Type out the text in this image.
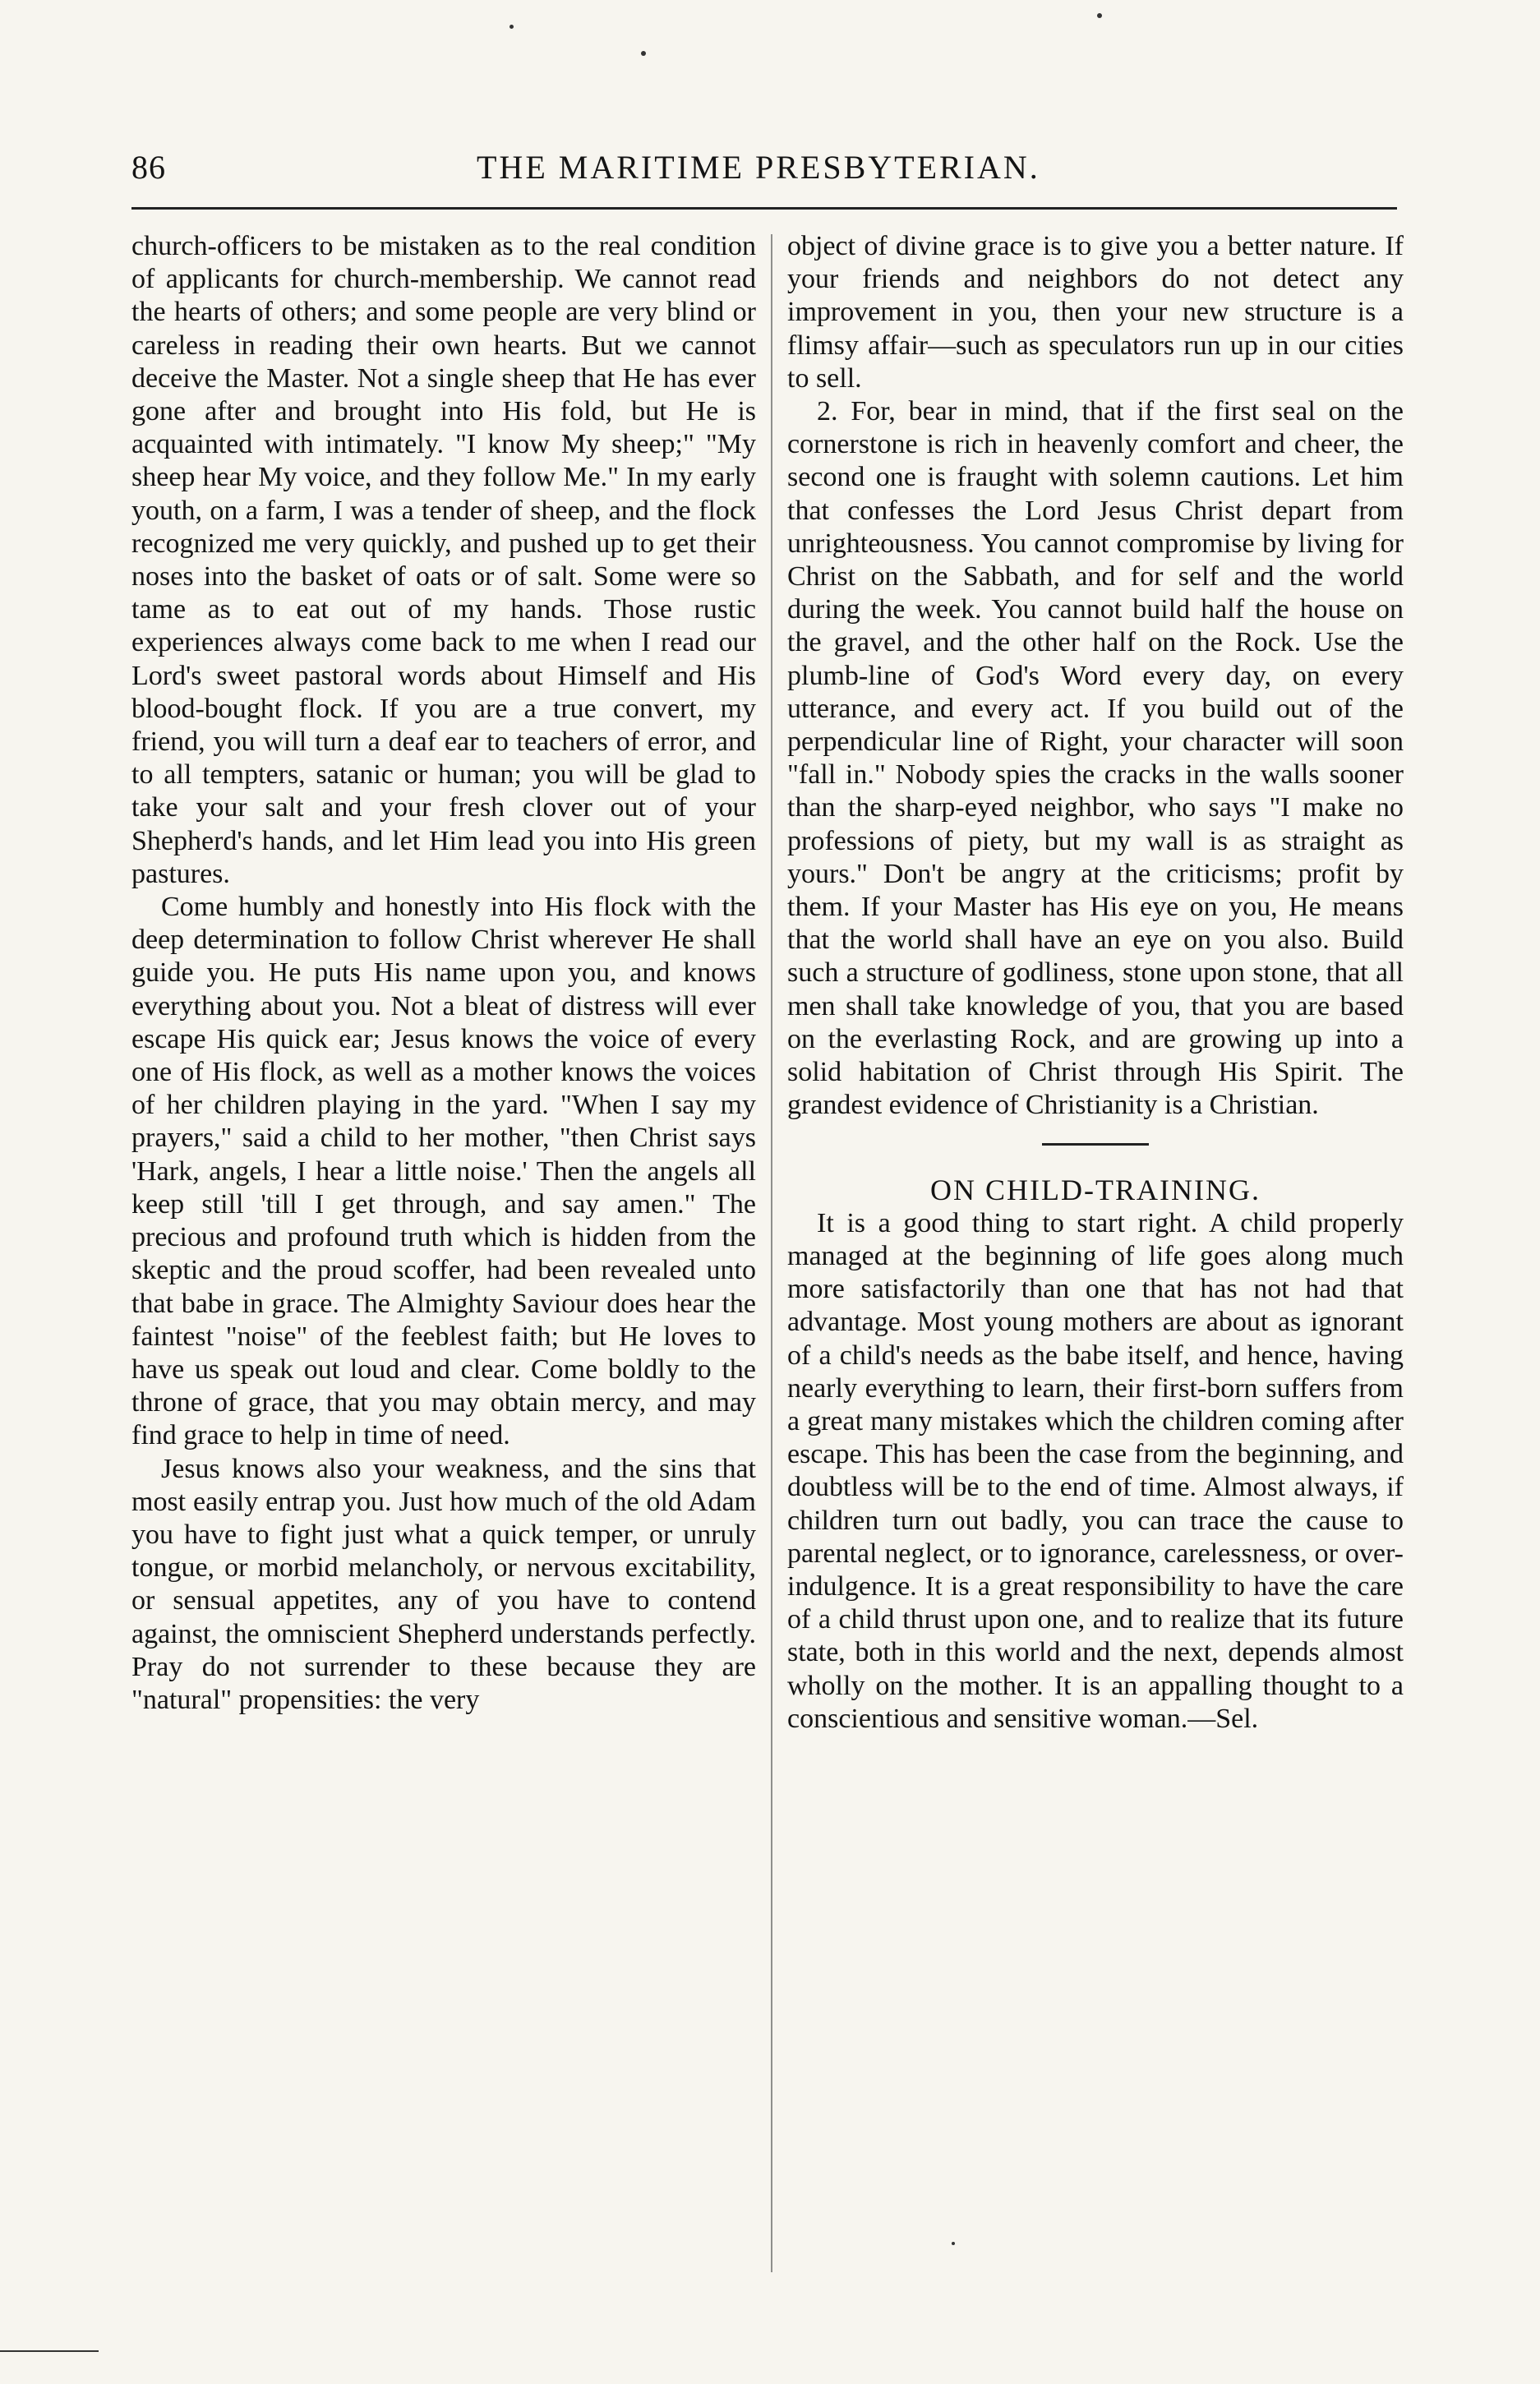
86	THE MARITIME PRESBYTERIAN.

church-officers to be mistaken as to the real condition of applicants for church-membership. We cannot read the hearts of others; and some people are very blind or careless in reading their own hearts. But we cannot deceive the Master. Not a single sheep that He has ever gone after and brought into His fold, but He is acquainted with intimately. "I know My sheep;" "My sheep hear My voice, and they follow Me." In my early youth, on a farm, I was a tender of sheep, and the flock recognized me very quickly, and pushed up to get their noses into the basket of oats or of salt. Some were so tame as to eat out of my hands. Those rustic experiences always come back to me when I read our Lord's sweet pastoral words about Himself and His blood-bought flock. If you are a true convert, my friend, you will turn a deaf ear to teachers of error, and to all tempters, satanic or human; you will be glad to take your salt and your fresh clover out of your Shepherd's hands, and let Him lead you into His green pastures.

Come humbly and honestly into His flock with the deep determination to follow Christ wherever He shall guide you. He puts His name upon you, and knows everything about you. Not a bleat of distress will ever escape His quick ear; Jesus knows the voice of every one of His flock, as well as a mother knows the voices of her children playing in the yard. "When I say my prayers," said a child to her mother, "then Christ says 'Hark, angels, I hear a little noise.' Then the angels all keep still 'till I get through, and say amen." The precious and profound truth which is hidden from the skeptic and the proud scoffer, had been revealed unto that babe in grace. The Almighty Saviour does hear the faintest "noise" of the feeblest faith; but He loves to have us speak out loud and clear. Come boldly to the throne of grace, that you may obtain mercy, and may find grace to help in time of need.

Jesus knows also your weakness, and the sins that most easily entrap you. Just how much of the old Adam you have to fight just what a quick temper, or unruly tongue, or morbid melancholy, or nervous excitability, or sensual appetites, any of you have to contend against, the omniscient Shepherd understands perfectly. Pray do not surrender to these because they are "natural" propensities: the very

object of divine grace is to give you a better nature. If your friends and neighbors do not detect any improvement in you, then your new structure is a flimsy affair—such as speculators run up in our cities to sell.

2. For, bear in mind, that if the first seal on the cornerstone is rich in heavenly comfort and cheer, the second one is fraught with solemn cautions. Let him that confesses the Lord Jesus Christ depart from unrighteousness. You cannot compromise by living for Christ on the Sabbath, and for self and the world during the week. You cannot build half the house on the gravel, and the other half on the Rock. Use the plumb-line of God's Word every day, on every utterance, and every act. If you build out of the perpendicular line of Right, your character will soon "fall in." Nobody spies the cracks in the walls sooner than the sharp-eyed neighbor, who says "I make no professions of piety, but my wall is as straight as yours." Don't be angry at the criticisms; profit by them. If your Master has His eye on you, He means that the world shall have an eye on you also. Build such a structure of godliness, stone upon stone, that all men shall take knowledge of you, that you are based on the everlasting Rock, and are growing up into a solid habitation of Christ through His Spirit. The grandest evidence of Christianity is a Christian.

ON CHILD-TRAINING.

It is a good thing to start right. A child properly managed at the beginning of life goes along much more satisfactorily than one that has not had that advantage. Most young mothers are about as ignorant of a child's needs as the babe itself, and hence, having nearly everything to learn, their first-born suffers from a great many mistakes which the children coming after escape. This has been the case from the beginning, and doubtless will be to the end of time. Almost always, if children turn out badly, you can trace the cause to parental neglect, or to ignorance, carelessness, or over-indulgence. It is a great responsibility to have the care of a child thrust upon one, and to realize that its future state, both in this world and the next, depends almost wholly on the mother. It is an appalling thought to a conscientious and sensitive woman.—Sel.
